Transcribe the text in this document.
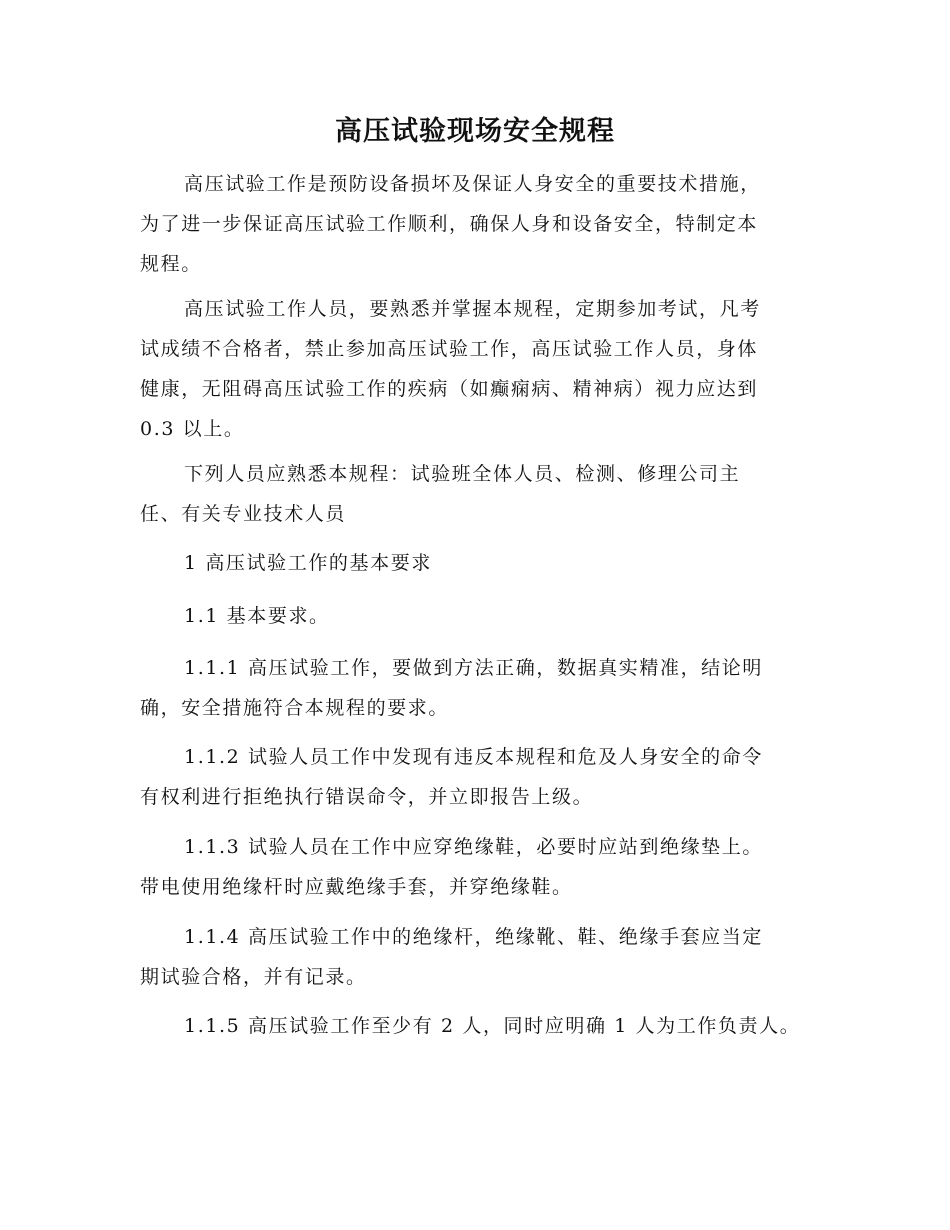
高压试验现场安全规程

高压试验工作是预防设备损坏及保证人身安全的重要技术措施，
为了进一步保证高压试验工作顺利，确保人身和设备安全，特制定本
规程。

高压试验工作人员，要熟悉并掌握本规程，定期参加考试，凡考
试成绩不合格者，禁止参加高压试验工作，高压试验工作人员，身体
健康，无阻碍高压试验工作的疾病（如癫痫病、精神病）视力应达到
0.3 以上。

下列人员应熟悉本规程：试验班全体人员、检测、修理公司主
任、有关专业技术人员

1 高压试验工作的基本要求

1.1 基本要求。

1.1.1 高压试验工作，要做到方法正确，数据真实精准，结论明
确，安全措施符合本规程的要求。

1.1.2 试验人员工作中发现有违反本规程和危及人身安全的命令
有权利进行拒绝执行错误命令，并立即报告上级。

1.1.3 试验人员在工作中应穿绝缘鞋，必要时应站到绝缘垫上。
带电使用绝缘杆时应戴绝缘手套，并穿绝缘鞋。

1.1.4 高压试验工作中的绝缘杆，绝缘靴、鞋、绝缘手套应当定
期试验合格，并有记录。

1.1.5 高压试验工作至少有 2 人，同时应明确 1 人为工作负责人。
